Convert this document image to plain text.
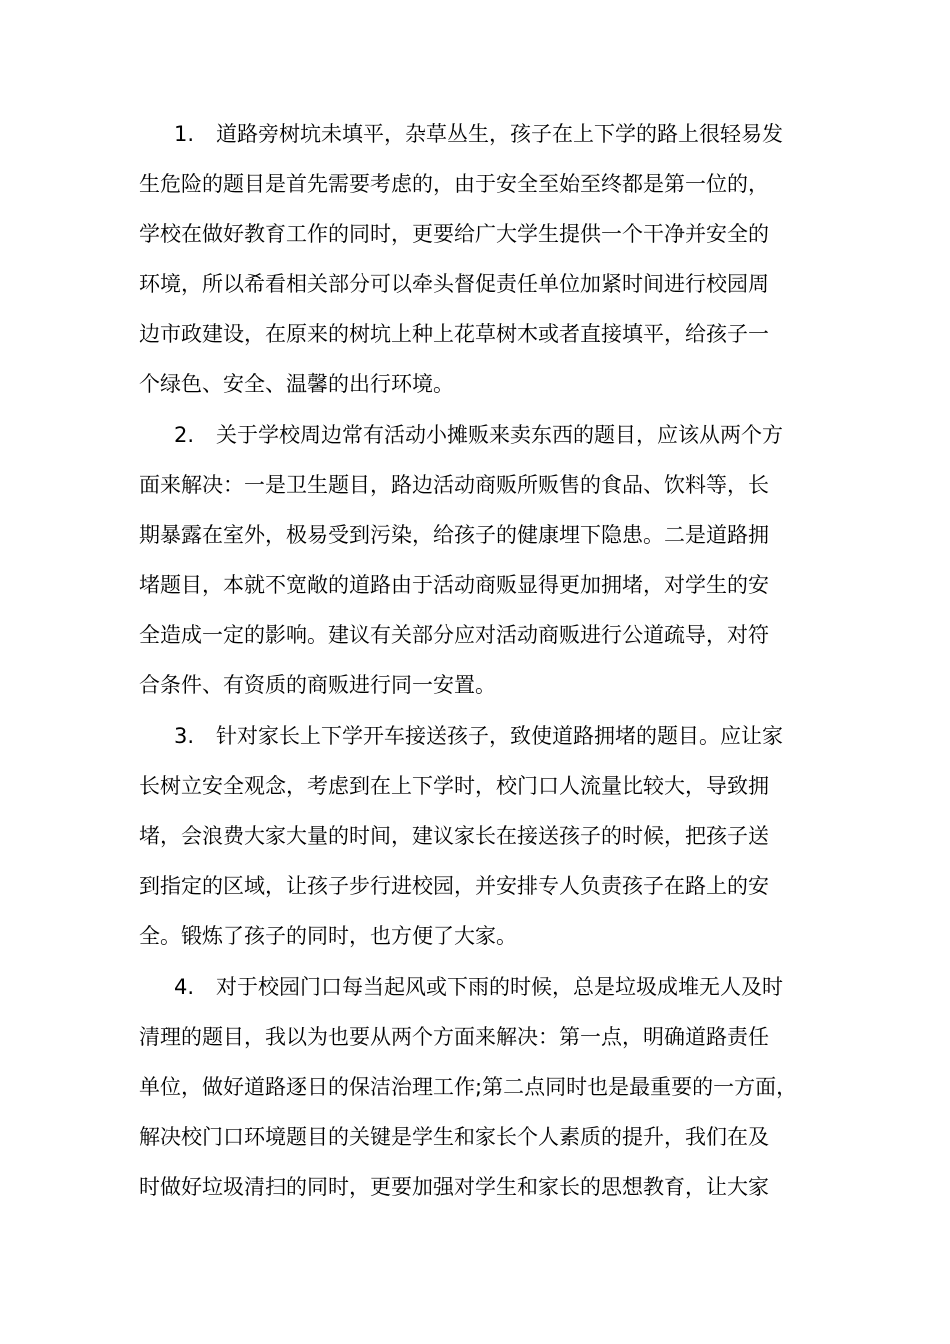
1. 道路旁树坑未填平，杂草丛生，孩子在上下学的路上很轻易发
生危险的题目是首先需要考虑的，由于安全至始至终都是第一位的，
学校在做好教育工作的同时，更要给广大学生提供一个干净并安全的
环境，所以希看相关部分可以牵头督促责任单位加紧时间进行校园周
边市政建设，在原来的树坑上种上花草树木或者直接填平，给孩子一
个绿色、安全、温馨的出行环境。
2. 关于学校周边常有活动小摊贩来卖东西的题目，应该从两个方
面来解决：一是卫生题目，路边活动商贩所贩售的食品、饮料等，长
期暴露在室外，极易受到污染，给孩子的健康埋下隐患。二是道路拥
堵题目，本就不宽敞的道路由于活动商贩显得更加拥堵，对学生的安
全造成一定的影响。建议有关部分应对活动商贩进行公道疏导，对符
合条件、有资质的商贩进行同一安置。
3. 针对家长上下学开车接送孩子，致使道路拥堵的题目。应让家
长树立安全观念，考虑到在上下学时，校门口人流量比较大，导致拥
堵，会浪费大家大量的时间，建议家长在接送孩子的时候，把孩子送
到指定的区域，让孩子步行进校园，并安排专人负责孩子在路上的安
全。锻炼了孩子的同时，也方便了大家。
4. 对于校园门口每当起风或下雨的时候，总是垃圾成堆无人及时
清理的题目，我以为也要从两个方面来解决：第一点，明确道路责任
单位，做好道路逐日的保洁治理工作;第二点同时也是最重要的一方面，
解决校门口环境题目的关键是学生和家长个人素质的提升，我们在及
时做好垃圾清扫的同时，更要加强对学生和家长的思想教育，让大家
